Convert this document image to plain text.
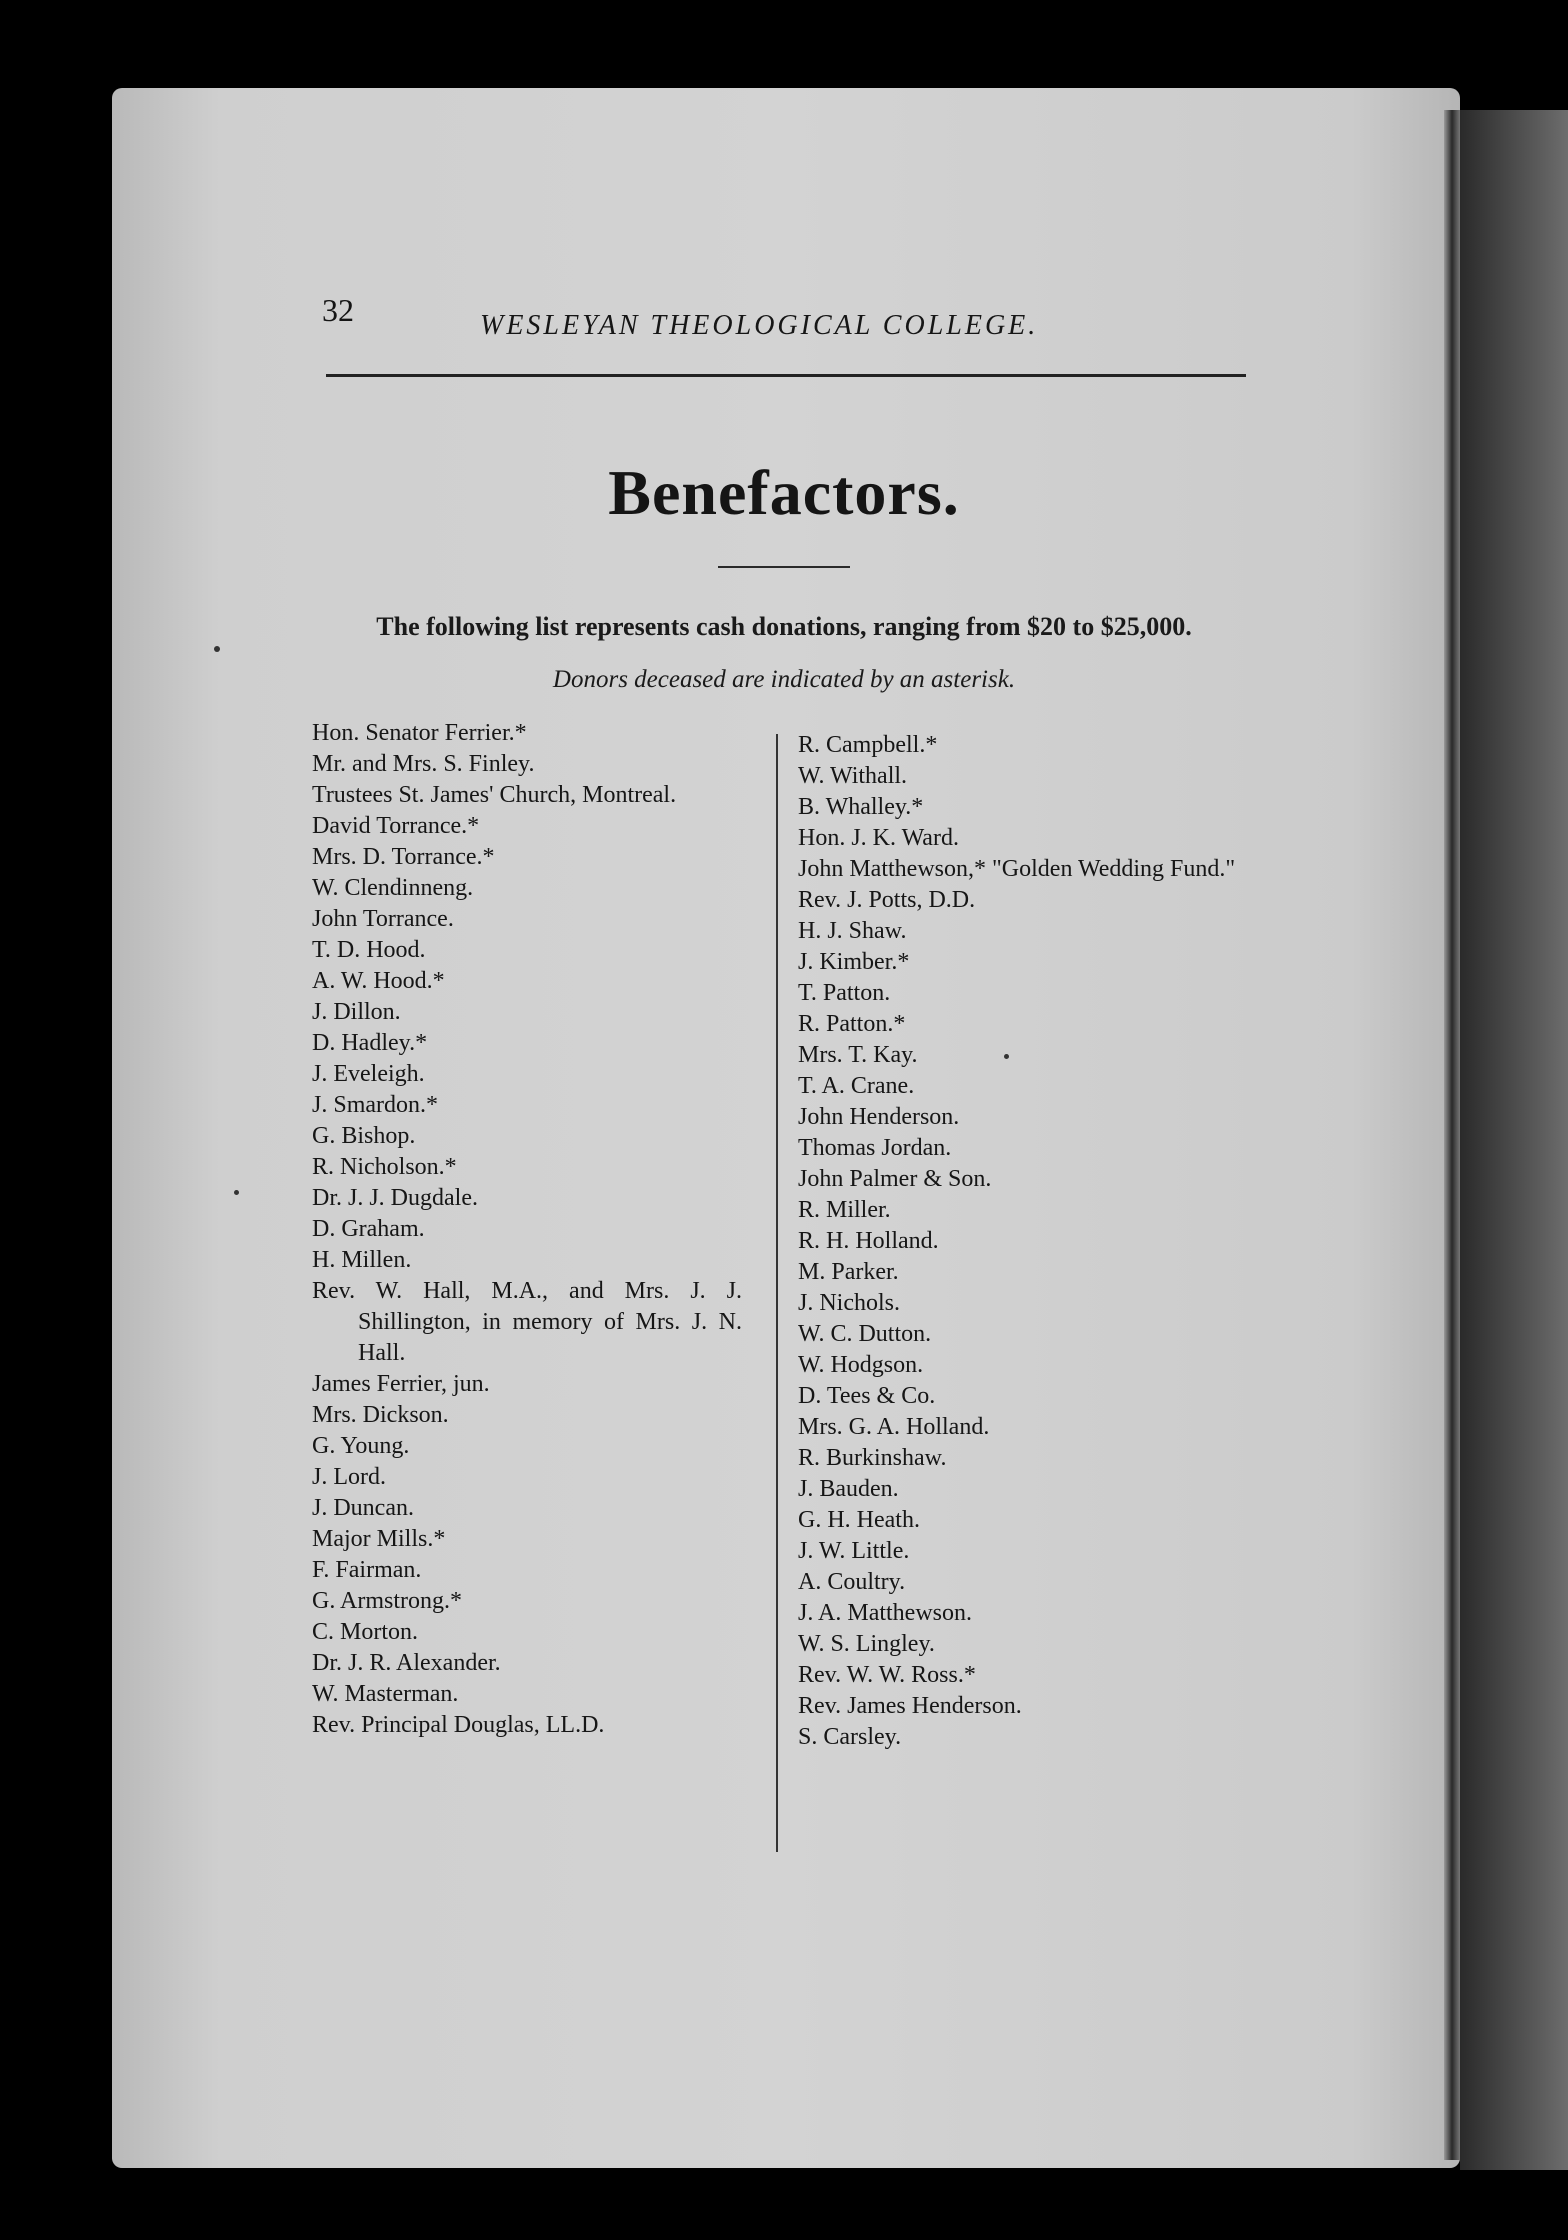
32	WESLEYAN THEOLOGICAL COLLEGE.
Benefactors.
The following list represents cash donations, ranging from $20 to $25,000.
Donors deceased are indicated by an asterisk.
Hon. Senator Ferrier.*
Mr. and Mrs. S. Finley.
Trustees St. James' Church, Montreal.
David Torrance.*
Mrs. D. Torrance.*
W. Clendinneng.
John Torrance.
T. D. Hood.
A. W. Hood.*
J. Dillon.
D. Hadley.*
J. Eveleigh.
J. Smardon.*
G. Bishop.
R. Nicholson.*
Dr. J. J. Dugdale.
D. Graham.
H. Millen.
Rev. W. Hall, M.A., and Mrs. J. J. Shillington, in memory of Mrs. J. N. Hall.
James Ferrier, jun.
Mrs. Dickson.
G. Young.
J. Lord.
J. Duncan.
Major Mills.*
F. Fairman.
G. Armstrong.*
C. Morton.
Dr. J. R. Alexander.
W. Masterman.
Rev. Principal Douglas, LL.D.
R. Campbell.*
W. Withall.
B. Whalley.*
Hon. J. K. Ward.
John Matthewson,* "Golden Wedding Fund."
Rev. J. Potts, D.D.
H. J. Shaw.
J. Kimber.*
T. Patton.
R. Patton.*
Mrs. T. Kay.
T. A. Crane.
John Henderson.
Thomas Jordan.
John Palmer & Son.
R. Miller.
R. H. Holland.
M. Parker.
J. Nichols.
W. C. Dutton.
W. Hodgson.
D. Tees & Co.
Mrs. G. A. Holland.
R. Burkinshaw.
J. Bauden.
G. H. Heath.
J. W. Little.
A. Coultry.
J. A. Matthewson.
W. S. Lingley.
Rev. W. W. Ross.*
Rev. James Henderson.
S. Carsley.
